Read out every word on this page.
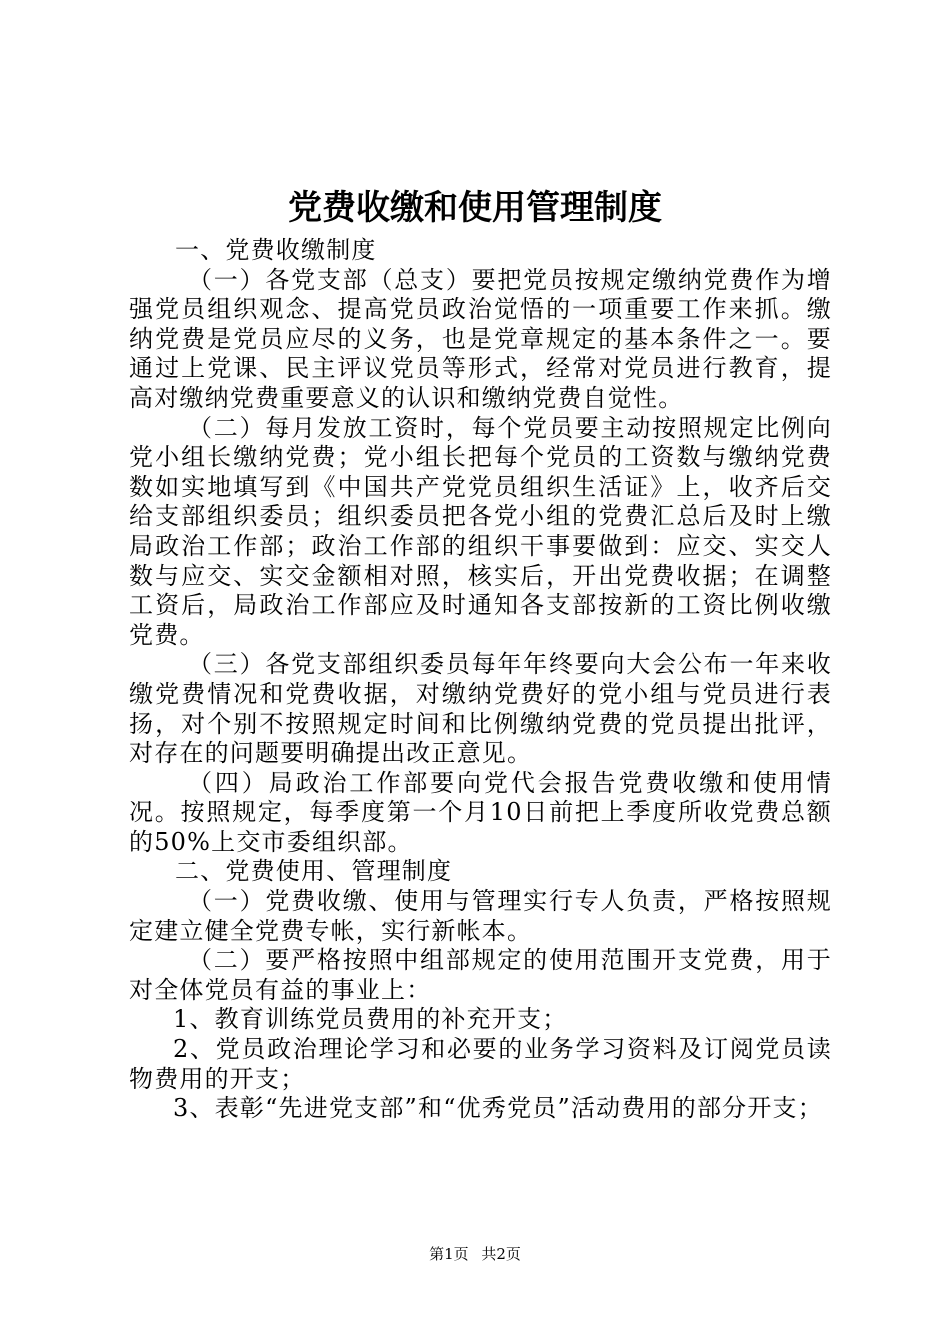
党费收缴和使用管理制度

一、党费收缴制度

（一）各党支部（总支）要把党员按规定缴纳党费作为增强党员组织观念、提高党员政治觉悟的一项重要工作来抓。缴纳党费是党员应尽的义务，也是党章规定的基本条件之一。要通过上党课、民主评议党员等形式，经常对党员进行教育，提高对缴纳党费重要意义的认识和缴纳党费自觉性。

（二）每月发放工资时，每个党员要主动按照规定比例向党小组长缴纳党费；党小组长把每个党员的工资数与缴纳党费数如实地填写到《中国共产党党员组织生活证》上，收齐后交给支部组织委员；组织委员把各党小组的党费汇总后及时上缴局政治工作部；政治工作部的组织干事要做到：应交、实交人数与应交、实交金额相对照，核实后，开出党费收据；在调整工资后，局政治工作部应及时通知各支部按新的工资比例收缴党费。

（三）各党支部组织委员每年年终要向大会公布一年来收缴党费情况和党费收据，对缴纳党费好的党小组与党员进行表扬，对个别不按照规定时间和比例缴纳党费的党员提出批评，对存在的问题要明确提出改正意见。

（四）局政治工作部要向党代会报告党费收缴和使用情况。按照规定，每季度第一个月10日前把上季度所收党费总额的50%上交市委组织部。

二、党费使用、管理制度

（一）党费收缴、使用与管理实行专人负责，严格按照规定建立健全党费专帐，实行新帐本。

（二）要严格按照中组部规定的使用范围开支党费，用于对全体党员有益的事业上：

1、教育训练党员费用的补充开支；

2、党员政治理论学习和必要的业务学习资料及订阅党员读物费用的开支；

3、表彰“先进党支部”和“优秀党员”活动费用的部分开支；

第1页 共2页
